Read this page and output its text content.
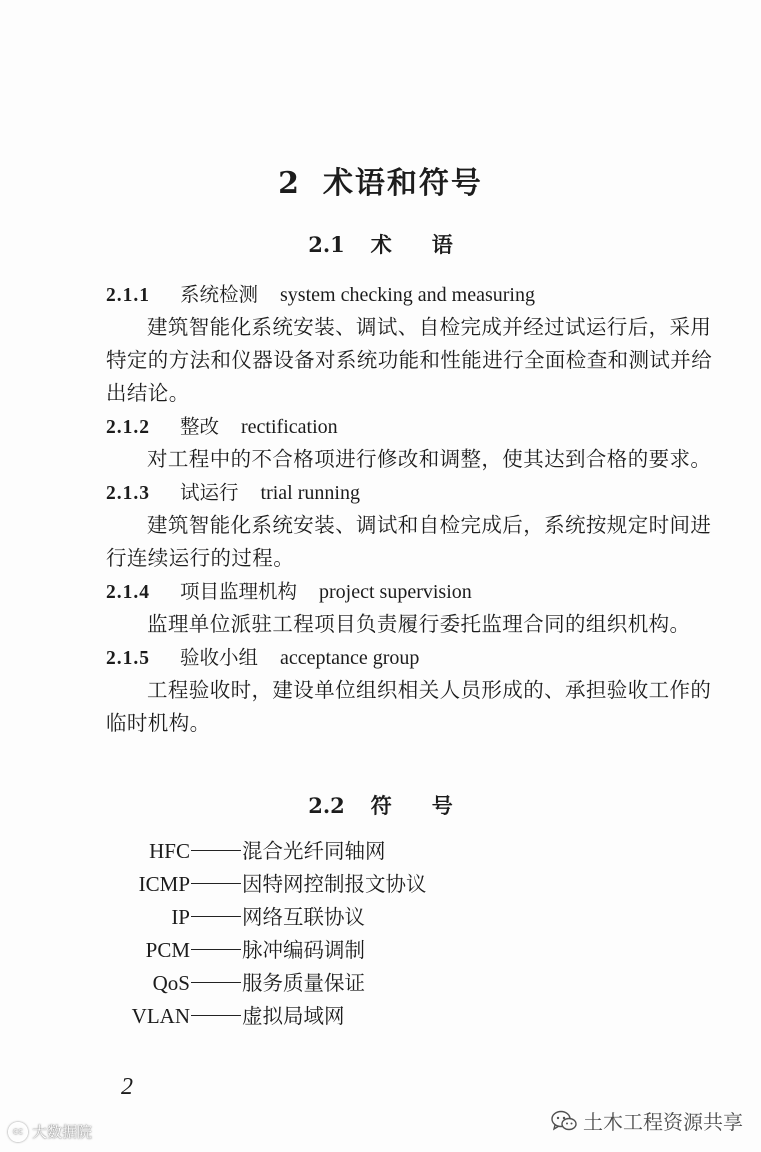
2 术语和符号
2.1 术语
2.1.1 系统检测 system checking and measuring
建筑智能化系统安装、调试、自检完成并经过试运行后，采用特定的方法和仪器设备对系统功能和性能进行全面检查和测试并给出结论。
2.1.2 整改 rectification
对工程中的不合格项进行修改和调整，使其达到合格的要求。
2.1.3 试运行 trial running
建筑智能化系统安装、调试和自检完成后，系统按规定时间进行连续运行的过程。
2.1.4 项目监理机构 project supervision
监理单位派驻工程项目负责履行委托监理合同的组织机构。
2.1.5 验收小组 acceptance group
工程验收时，建设单位组织相关人员形成的、承担验收工作的临时机构。
2.2 符号
HFC	混合光纤同轴网
ICMP	因特网控制报文协议
IP	网络互联协议
PCM	脉冲编码调制
QoS	服务质量保证
VLAN	虚拟局域网
2
土木工程资源共享
cc 大数据院
